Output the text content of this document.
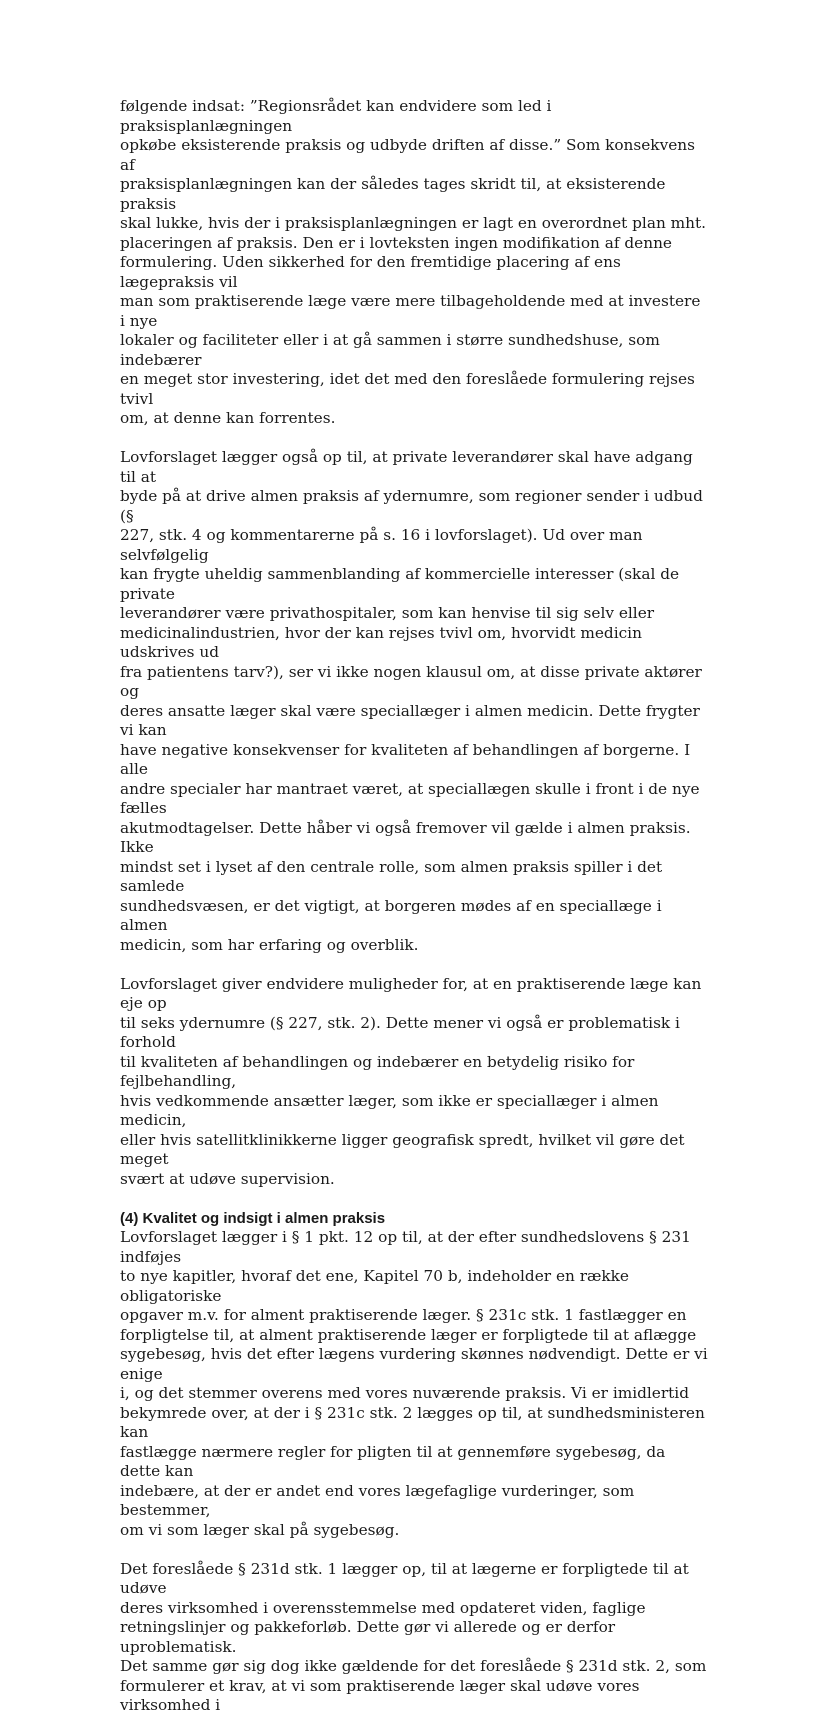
følgende indsat: ”Regionsrådet kan endvidere som led i praksisplanlægningen
opkøbe eksisterende praksis og udbyde driften af disse.” Som konsekvens af
praksisplanlægningen kan der således tages skridt til, at eksisterende praksis
skal lukke, hvis der i praksisplanlægningen er lagt en overordnet plan mht.
placeringen af praksis. Den er i lovteksten ingen modifikation af denne
formulering. Uden sikkerhed for den fremtidige placering af ens lægepraksis vil
man som praktiserende læge være mere tilbageholdende med at investere i nye
lokaler og faciliteter eller i at gå sammen i større sundhedshuse, som indebærer
en meget stor investering, idet det med den foreslåede formulering rejses tvivl
om, at denne kan forrentes.

Lovforslaget lægger også op til, at private leverandører skal have adgang til at
byde på at drive almen praksis af ydernumre, som regioner sender i udbud (§
227, stk. 4 og kommentarerne på s. 16 i lovforslaget). Ud over man selvfølgelig
kan frygte uheldig sammenblanding af kommercielle interesser (skal de private
leverandører være privathospitaler, som kan henvise til sig selv eller
medicinalindustrien, hvor der kan rejses tvivl om, hvorvidt medicin udskrives ud
fra patientens tarv?), ser vi ikke nogen klausul om, at disse private aktører og
deres ansatte læger skal være speciallæger i almen medicin. Dette frygter vi kan
have negative konsekvenser for kvaliteten af behandlingen af borgerne. I alle
andre specialer har mantraet været, at speciallægen skulle i front i de nye fælles
akutmodtagelser. Dette håber vi også fremover vil gælde i almen praksis. Ikke
mindst set i lyset af den centrale rolle, som almen praksis spiller i det samlede
sundhedsvæsen, er det vigtigt, at borgeren mødes af en speciallæge i almen
medicin, som har erfaring og overblik.

Lovforslaget giver endvidere muligheder for, at en praktiserende læge kan eje op
til seks ydernumre (§ 227, stk. 2). Dette mener vi også er problematisk i forhold
til kvaliteten af behandlingen og indebærer en betydelig risiko for fejlbehandling,
hvis vedkommende ansætter læger, som ikke er speciallæger i almen medicin,
eller hvis satellitklinikkerne ligger geografisk spredt, hvilket vil gøre det meget
svært at udøve supervision.

(4) Kvalitet og indsigt i almen praksis

Lovforslaget lægger i § 1 pkt. 12 op til, at der efter sundhedslovens § 231 indføjes
to nye kapitler, hvoraf det ene, Kapitel 70 b, indeholder en række obligatoriske
opgaver m.v. for alment praktiserende læger. § 231c stk. 1 fastlægger en
forpligtelse til, at alment praktiserende læger er forpligtede til at aflægge
sygebesøg, hvis det efter lægens vurdering skønnes nødvendigt. Dette er vi enige
i, og det stemmer overens med vores nuværende praksis. Vi er imidlertid
bekymrede over, at der i § 231c stk. 2 lægges op til, at sundhedsministeren kan
fastlægge nærmere regler for pligten til at gennemføre sygebesøg, da dette kan
indebære, at der er andet end vores lægefaglige vurderinger, som bestemmer,
om vi som læger skal på sygebesøg.

Det foreslåede § 231d stk. 1 lægger op, til at lægerne er forpligtede til at udøve
deres virksomhed i overensstemmelse med opdateret viden, faglige
retningslinjer og pakkeforløb. Dette gør vi allerede og er derfor uproblematisk.
Det samme gør sig dog ikke gældende for det foreslåede § 231d stk. 2, som
formulerer et krav, at vi som praktiserende læger skal udøve vores virksomhed i
